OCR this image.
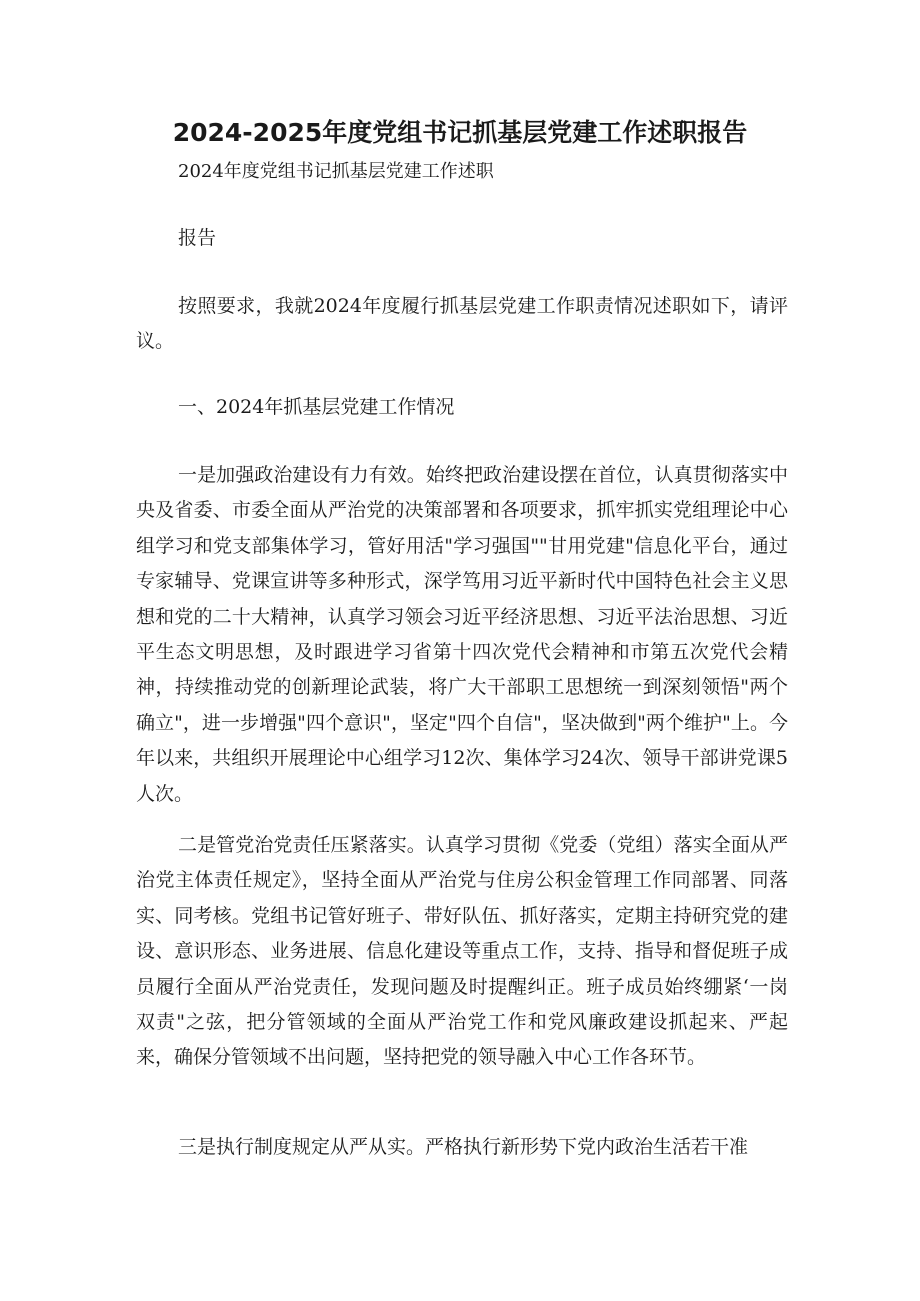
2024-2025年度党组书记抓基层党建工作述职报告

2024年度党组书记抓基层党建工作述职

报告

按照要求，我就2024年度履行抓基层党建工作职责情况述职如下，请评议。

一、2024年抓基层党建工作情况

一是加强政治建设有力有效。始终把政治建设摆在首位，认真贯彻落实中央及省委、市委全面从严治党的决策部署和各项要求，抓牢抓实党组理论中心组学习和党支部集体学习，管好用活"学习强国""甘用党建"信息化平台，通过专家辅导、党课宣讲等多种形式，深学笃用习近平新时代中国特色社会主义思想和党的二十大精神，认真学习领会习近平经济思想、习近平法治思想、习近平生态文明思想，及时跟进学习省第十四次党代会精神和市第五次党代会精神，持续推动党的创新理论武装，将广大干部职工思想统一到深刻领悟"两个确立"，进一步增强"四个意识"，坚定"四个自信"，坚决做到"两个维护"上。今年以来，共组织开展理论中心组学习12次、集体学习24次、领导干部讲党课5人次。

二是管党治党责任压紧落实。认真学习贯彻《党委（党组）落实全面从严治党主体责任规定》，坚持全面从严治党与住房公积金管理工作同部署、同落实、同考核。党组书记管好班子、带好队伍、抓好落实，定期主持研究党的建设、意识形态、业务进展、信息化建设等重点工作，支持、指导和督促班子成员履行全面从严治党责任，发现问题及时提醒纠正。班子成员始终绷紧‘一岗双责"之弦，把分管领域的全面从严治党工作和党风廉政建设抓起来、严起来，确保分管领域不出问题，坚持把党的领导融入中心工作各环节。

三是执行制度规定从严从实。严格执行新形势下党内政治生活若干准
